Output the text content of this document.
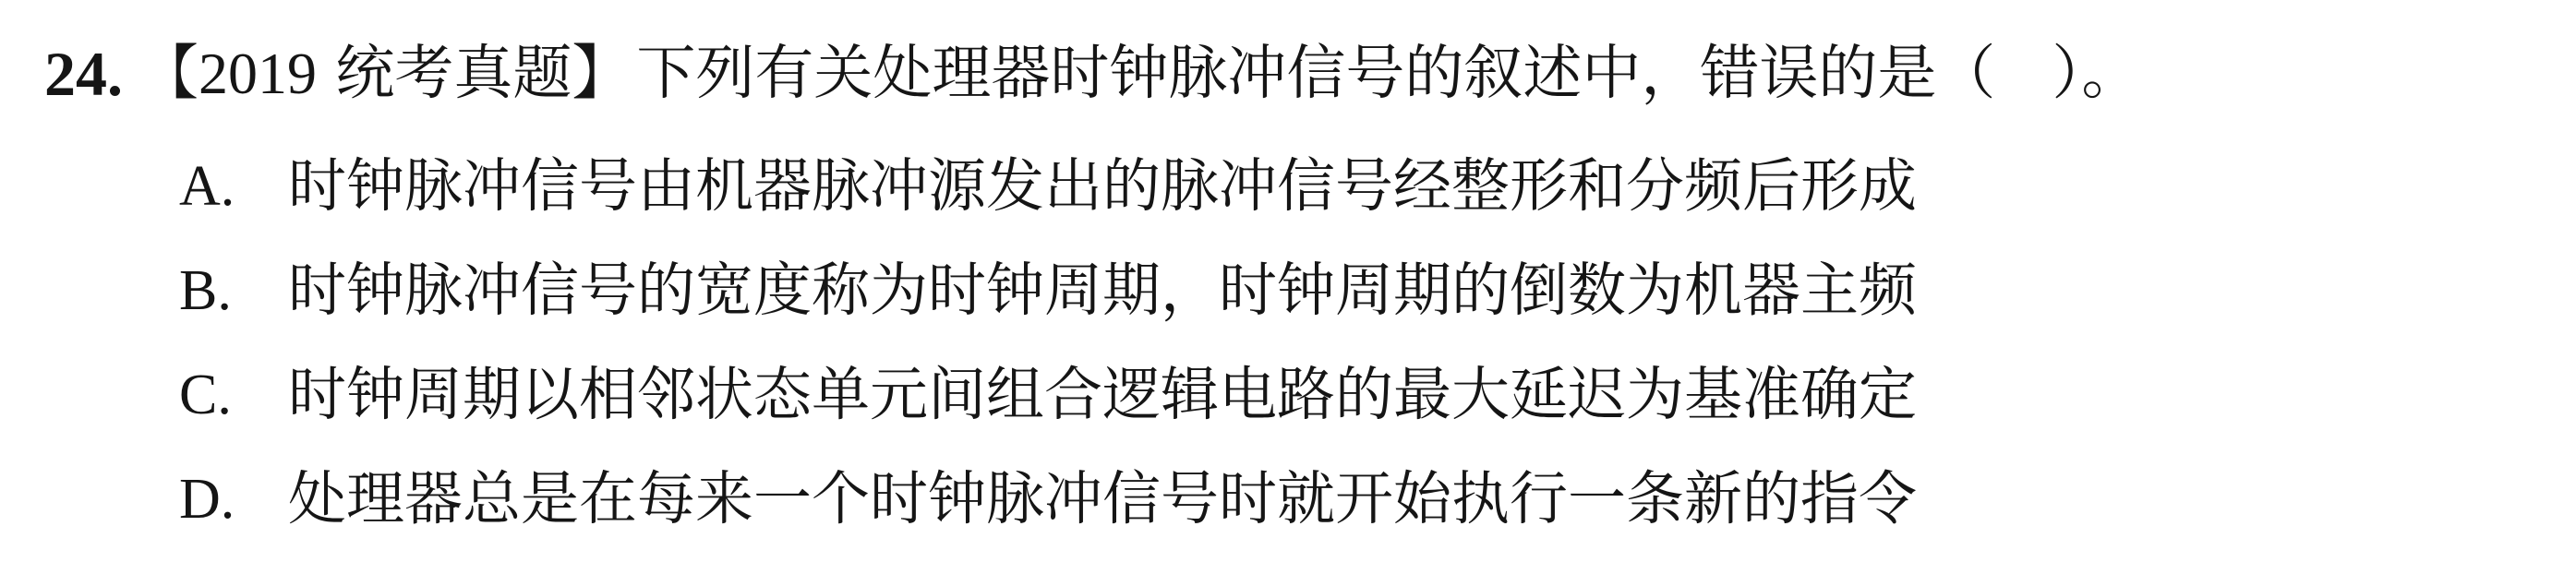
24. 【2019 统考真题】 下列有关处理器时钟脉冲信号的叙述中，错误的是（
）。
A. 时钟脉冲信号由机器脉冲源发出的脉冲信号经整形和分频后形成
B. 时钟脉冲信号的宽度称为时钟周期，时钟周期的倒数为机器主频
C. 时钟周期以相邻状态单元间组合逻辑电路的最大延迟为基准确定
D. 处理器总是在每来一个时钟脉冲信号时就开始执行一条新的指令
